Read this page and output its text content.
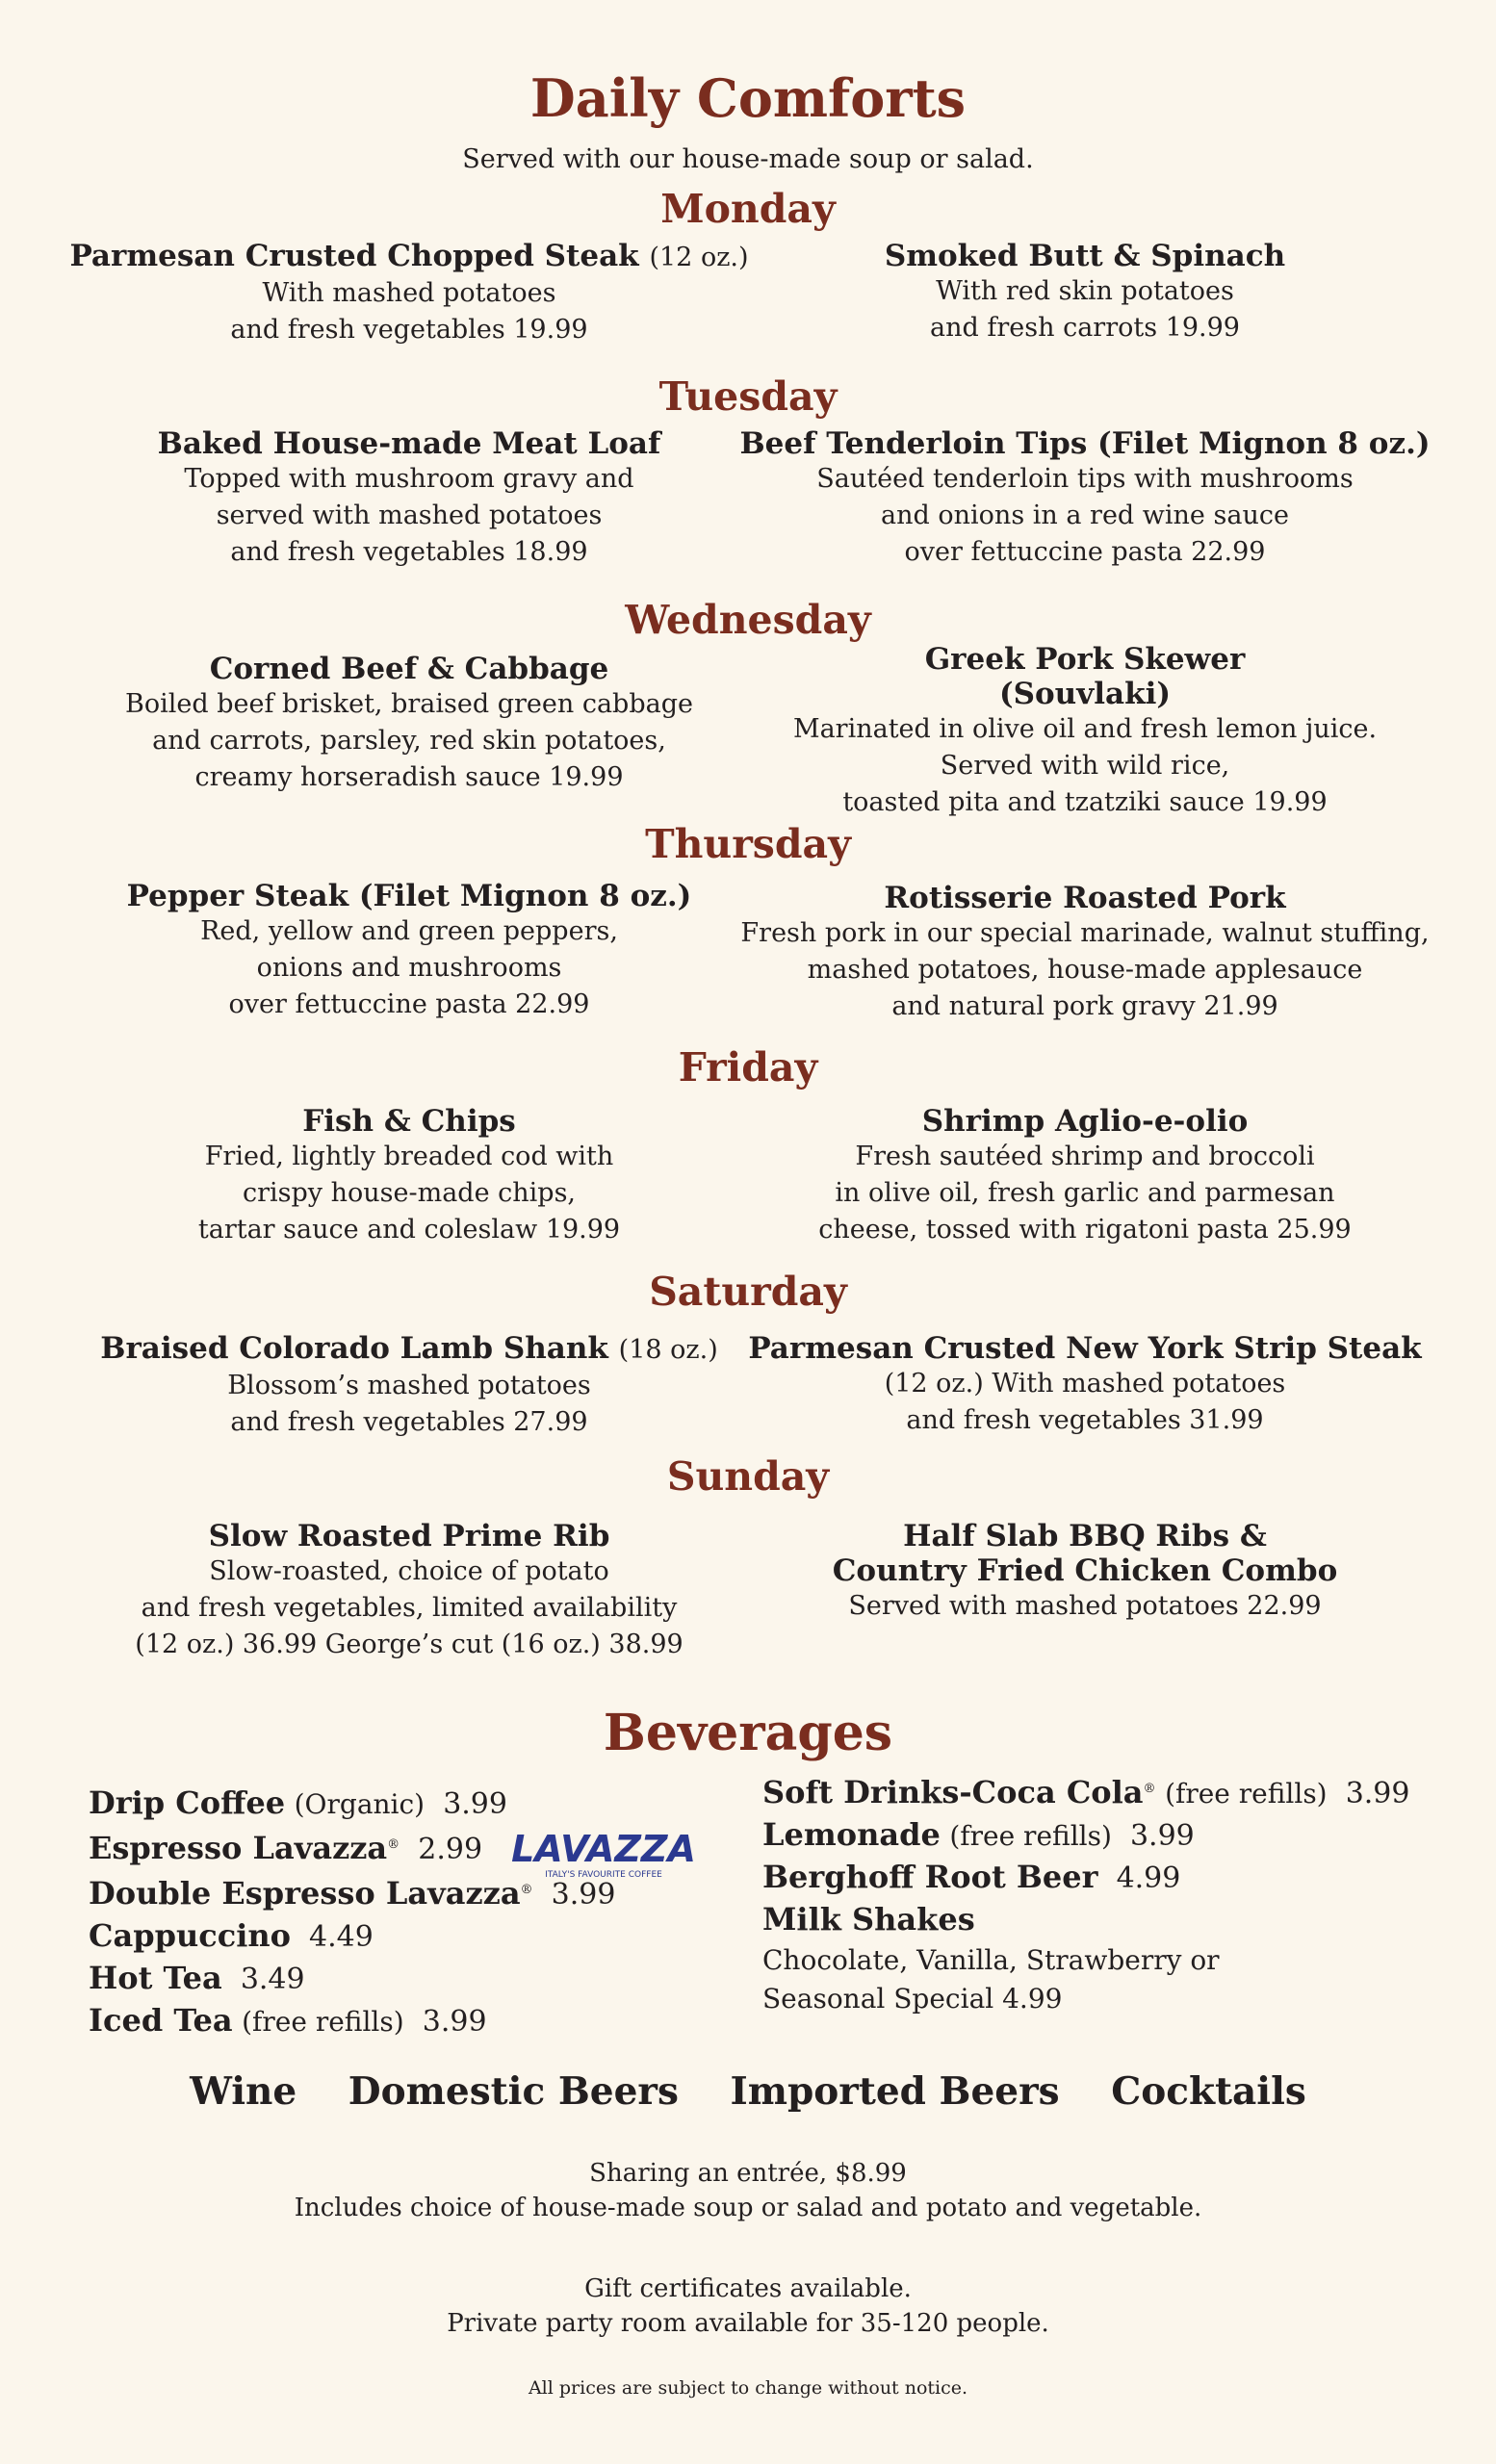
Daily Comforts
Served with our house-made soup or salad.
Monday
Parmesan Crusted Chopped Steak (12 oz.)
With mashed potatoes
and fresh vegetables 19.99
Smoked Butt & Spinach
With red skin potatoes
and fresh carrots 19.99
Tuesday
Baked House-made Meat Loaf
Topped with mushroom gravy and
served with mashed potatoes
and fresh vegetables 18.99
Beef Tenderloin Tips (Filet Mignon 8 oz.)
Sautéed tenderloin tips with mushrooms
and onions in a red wine sauce
over fettuccine pasta 22.99
Wednesday
Corned Beef & Cabbage
Boiled beef brisket, braised green cabbage
and carrots, parsley, red skin potatoes,
creamy horseradish sauce 19.99
Greek Pork Skewer
(Souvlaki)
Marinated in olive oil and fresh lemon juice.
Served with wild rice,
toasted pita and tzatziki sauce 19.99
Thursday
Pepper Steak (Filet Mignon 8 oz.)
Red, yellow and green peppers,
onions and mushrooms
over fettuccine pasta 22.99
Rotisserie Roasted Pork
Fresh pork in our special marinade, walnut stuffing,
mashed potatoes, house-made applesauce
and natural pork gravy 21.99
Friday
Fish & Chips
Fried, lightly breaded cod with
crispy house-made chips,
tartar sauce and coleslaw 19.99
Shrimp Aglio-e-olio
Fresh sautéed shrimp and broccoli
in olive oil, fresh garlic and parmesan
cheese, tossed with rigatoni pasta 25.99
Saturday
Braised Colorado Lamb Shank (18 oz.)
Blossom’s mashed potatoes
and fresh vegetables 27.99
Parmesan Crusted New York Strip Steak
(12 oz.) With mashed potatoes
and fresh vegetables 31.99
Sunday
Slow Roasted Prime Rib
Slow-roasted, choice of potato
and fresh vegetables, limited availability
(12 oz.) 36.99 George’s cut (16 oz.) 38.99
Half Slab BBQ Ribs &
Country Fried Chicken Combo
Served with mashed potatoes 22.99
Beverages
Drip Coffee (Organic) 3.99
Espresso Lavazza® 2.99
Double Espresso Lavazza® 3.99
Cappuccino 4.49
Hot Tea 3.49
Iced Tea (free refills) 3.99
LAVAZZA
ITALY'S FAVOURITE COFFEE
Soft Drinks-Coca Cola® (free refills) 3.99
Lemonade (free refills) 3.99
Berghoff Root Beer 4.99
Milk Shakes
Chocolate, Vanilla, Strawberry or
Seasonal Special 4.99
Wine Domestic Beers Imported Beers Cocktails
Sharing an entrée, $8.99
Includes choice of house-made soup or salad and potato and vegetable.
Gift certificates available.
Private party room available for 35-120 people.
All prices are subject to change without notice.
